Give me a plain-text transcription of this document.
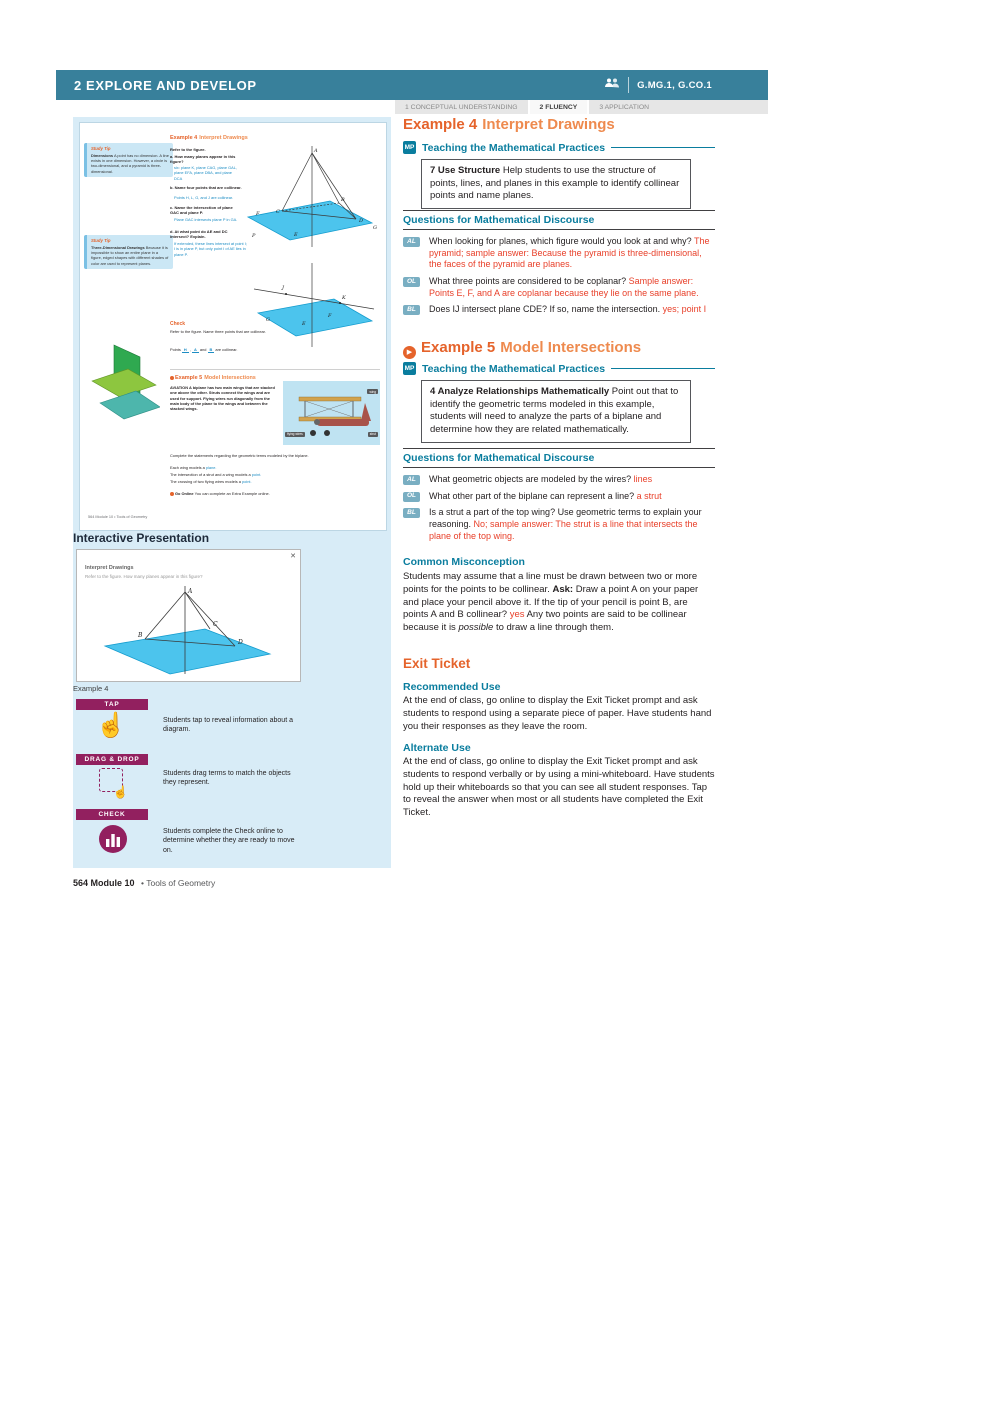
2 EXPLORE AND DEVELOP	G.MG.1, G.CO.1
1 CONCEPTUAL UNDERSTANDING	2 FLUENCY	3 APPLICATION
Study Tip
Dimensions A point has no dimension. A line exists in one dimension. However, a circle is two-dimensional, and a pyramid is three-dimensional.
Study Tip
Three-Dimensional Drawings Because it is impossible to show an entire plane in a figure, edged shapes with different shades of color are used to represent planes.
Example 4 Interpret Drawings
Refer to the figure.
a. How many planes appear in this figure?
six: plane K, plane CAG, plane GAL, plane EFA, plane DBA, and plane DCA
b. Name four points that are collinear.
Points H, L, G, and J are collinear.
c. Name the intersection of plane GAC and plane P.
Plane GAC intersects plane P in GA.
d. At what point do AE and DC intersect? Explain.
If extended, these lines intersect at point I; I is in plane P, but only point I of AE lies in plane P.
A
B
C
D
E
F
G
P
J
K
E
F
G
Check
Refer to the figure. Name three points that are collinear.
Points H , A and B are collinear.
Example 5 Model Intersections
AVIATION A biplane has two main wings that are stacked one above the other. Struts connect the wings and are used for support. Flying wires run diagonally from the main body of the plane to the wings and between the stacked wings.
wing
flying wires	strut
Complete the statements regarding the geometric terms modeled by the biplane.
Each wing models a plane.
The intersection of a strut and a wing models a point.
The crossing of two flying wires models a point.
Go Online You can complete an Extra Example online.
564 Module 10 • Tools of Geometry
Interactive Presentation
✕
Interpret Drawings
Refer to the figure. How many planes appear in this figure?
A
B
C
D
Example 4
TAP
☝	Students tap to reveal information about a diagram.
DRAG & DROP
☝
Students drag terms to match the objects they represent.
CHECK
Students complete the Check online to determine whether they are ready to move on.
564 Module 10 • Tools of Geometry
Example 4 Interpret Drawings
MP Teaching the Mathematical Practices
7 Use Structure Help students to use the structure of points, lines, and planes in this example to identify collinear points and name planes.
Questions for Mathematical Discourse
AL	When looking for planes, which figure would you look at and why? The pyramid; sample answer: Because the pyramid is three-dimensional, the faces of the pyramid are planes.
OL	What three points are considered to be coplanar? Sample answer: Points E, F, and A are coplanar because they lie on the same plane.
BL	Does IJ intersect plane CDE? If so, name the intersection. yes; point I
▶ Example 5 Model Intersections
MP Teaching the Mathematical Practices
4 Analyze Relationships Mathematically Point out that to identify the geometric terms modeled in this example, students will need to analyze the parts of a biplane and determine how they are related mathematically.
Questions for Mathematical Discourse
AL	What geometric objects are modeled by the wires? lines
OL	What other part of the biplane can represent a line? a strut
BL	Is a strut a part of the top wing? Use geometric terms to explain your reasoning. No; sample answer: The strut is a line that intersects the plane of the top wing.
Common Misconception
Students may assume that a line must be drawn between two or more points for the points to be collinear. Ask: Draw a point A on your paper and place your pencil above it. If the tip of your pencil is point B, are points A and B collinear? yes Any two points are said to be collinear because it is possible to draw a line through them.
Exit Ticket
Recommended Use
At the end of class, go online to display the Exit Ticket prompt and ask students to respond using a separate piece of paper. Have students hand you their responses as they leave the room.
Alternate Use
At the end of class, go online to display the Exit Ticket prompt and ask students to respond verbally or by using a mini-whiteboard. Have students hold up their whiteboards so that you can see all student responses. Tap to reveal the answer when most or all students have completed the Exit Ticket.
